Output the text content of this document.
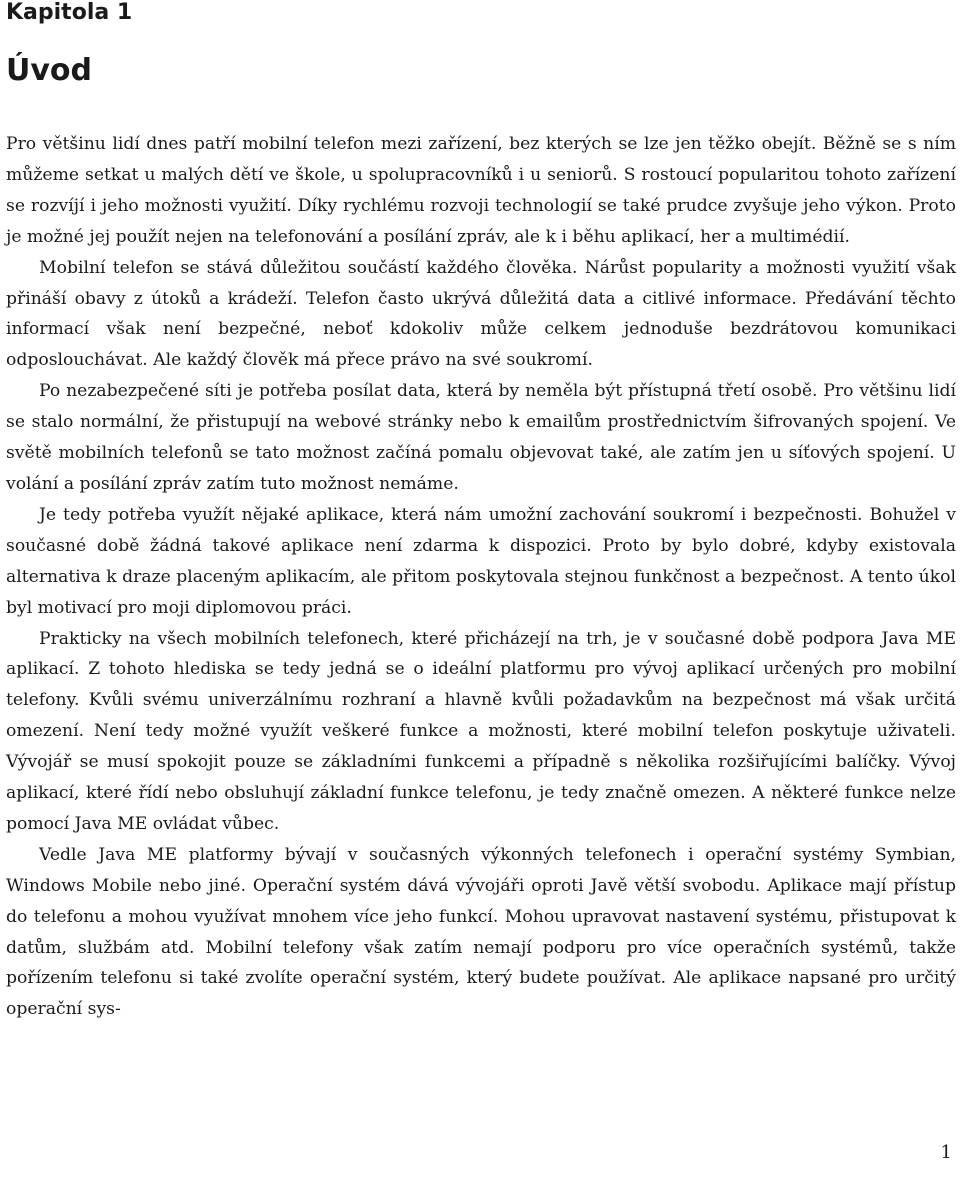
Kapitola 1
Úvod

Pro většinu lidí dnes patří mobilní telefon mezi zařízení, bez kterých se lze jen těžko obejít. Běžně se s ním můžeme setkat u malých dětí ve škole, u spolupracovníků i u seniorů. S rostoucí popularitou tohoto zařízení se rozvíjí i jeho možnosti využití. Díky rychlému rozvoji technologií se také prudce zvyšuje jeho výkon. Proto je možné jej použít nejen na telefonování a posílání zpráv, ale k i běhu aplikací, her a multimédií.

Mobilní telefon se stává důležitou součástí každého člověka. Nárůst popularity a možnosti využití však přináší obavy z útoků a krádeží. Telefon často ukrývá důležitá data a citlivé informace. Předávání těchto informací však není bezpečné, neboť kdokoliv může celkem jednoduše bezdrátovou komunikaci odposlouchávat. Ale každý člověk má přece právo na své soukromí.

Po nezabezpečené síti je potřeba posílat data, která by neměla být přístupná třetí osobě. Pro většinu lidí se stalo normální, že přistupují na webové stránky nebo k emailům prostřednictvím šifrovaných spojení. Ve světě mobilních telefonů se tato možnost začíná pomalu objevovat také, ale zatím jen u síťových spojení. U volání a posílání zpráv zatím tuto možnost nemáme.

Je tedy potřeba využít nějaké aplikace, která nám umožní zachování soukromí i bezpečnosti. Bohužel v současné době žádná takové aplikace není zdarma k dispozici. Proto by bylo dobré, kdyby existovala alternativa k draze placeným aplikacím, ale přitom poskytovala stejnou funkčnost a bezpečnost. A tento úkol byl motivací pro moji diplomovou práci.

Prakticky na všech mobilních telefonech, které přicházejí na trh, je v současné době podpora Java ME aplikací. Z tohoto hlediska se tedy jedná se o ideální platformu pro vývoj aplikací určených pro mobilní telefony. Kvůli svému univerzálnímu rozhraní a hlavně kvůli požadavkům na bezpečnost má však určitá omezení. Není tedy možné využít veškeré funkce a možnosti, které mobilní telefon poskytuje uživateli. Vývojář se musí spokojit pouze se základními funkcemi a případně s několika rozšiřujícími balíčky. Vývoj aplikací, které řídí nebo obsluhují základní funkce telefonu, je tedy značně omezen. A některé funkce nelze pomocí Java ME ovládat vůbec.

Vedle Java ME platformy bývají v současných výkonných telefonech i operační systémy Symbian, Windows Mobile nebo jiné. Operační systém dává vývojáři oproti Javě větší svobodu. Aplikace mají přístup do telefonu a mohou využívat mnohem více jeho funkcí. Mohou upravovat nastavení systému, přistupovat k datům, službám atd. Mobilní telefony však zatím nemají podporu pro více operačních systémů, takže pořízením telefonu si také zvolíte operační systém, který budete používat. Ale aplikace napsané pro určitý operační sys-

1
